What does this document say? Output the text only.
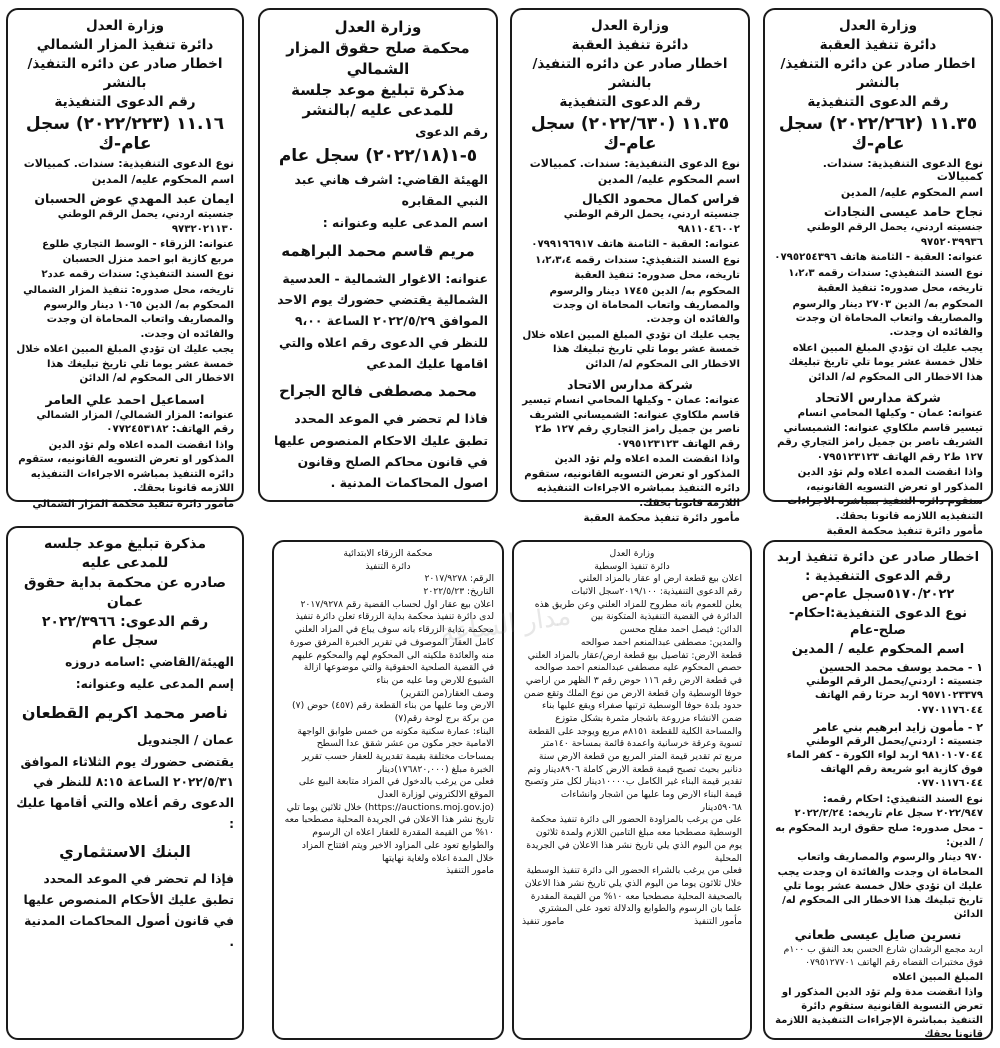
وزارة العدل
دائرة تنفيذ العقبة
اخطار صادر عن دائره التنفيذ/ بالنشر
رقم الدعوى التنفيذية
١١.٣٥ (٢٠٢٢/٢٦٢) سجل عام-ك
نوع الدعوى التنفيذية: سندات. كمبيالات
اسم المحكوم عليه/ المدين
نجاح حامد عيسى النجادات

جنسيته اردني، يحمل الرقم الوطني ٩٧٥٢٠٣٩٩٣٦

عنوانه: العقبة - الثامنة هاتف ٠٧٩٥٢٥٤٣٩٦

نوع السند التنفيذي: سندات رقمه ١،٢،٣

تاريخه، محل صدوره: تنفيذ العقبة

المحكوم به/ الدين ٢٧٠٣ دينار والرسوم والمصاريف واتعاب المحاماة ان وجدت والفائده ان وجدت.

يجب عليك ان تؤدي المبلغ المبين اعلاه خلال خمسة عشر يوما تلي تاريخ تبليغك هذا الاخطار الى المحكوم له/ الدائن

شركة مدارس الاتحاد

عنوانه: عمان - وكيلها المحامي انسام تيسير قاسم ملكاوي عنوانه: الشميساني الشريف ناصر بن جميل رامز التجاري رقم ١٢٧ ط٢ رقم الهاتف ٠٧٩٥١٢٣١٢٣

واذا انقضت المده اعلاه ولم تؤد الدين المذكور او تعرض التسويه القانونيه، ستقوم دائره التنفيذ بمباشره الاجراءات التنفيذيه اللازمه قانونا بحقك.

مأمور دائرة تنفيذ محكمة العقبة

وزارة العدل
دائرة تنفيذ العقبة
اخطار صادر عن دائره التنفيذ/ بالنشر
رقم الدعوى التنفيذية
١١.٣٥ (٢٠٢٢/٦٣٠) سجل عام-ك
نوع الدعوى التنفيذية: سندات. كمبيالات
اسم المحكوم عليه/ المدين
فراس كمال محمود الكيال

جنسيته اردني، يحمل الرقم الوطني ٩٨١١٠٤٦٠٠٢

عنوانه: العقبة - الثامنة هاتف ٠٧٩٩١٩٦٩١٧

نوع السند التنفيذي: سندات رقمه ١،٢،٣،٤

تاريخه، محل صدوره: تنفيذ العقبة

المحكوم به/ الدين ١٧٤٥ دينار والرسوم والمصاريف واتعاب المحاماة ان وجدت والفائده ان وجدت.

يجب عليك ان تؤدي المبلغ المبين اعلاه خلال خمسة عشر يوما تلي تاريخ تبليغك هذا الاخطار الى المحكوم له/ الدائن

شركة مدارس الاتحاد

عنوانه: عمان - وكيلها المحامي انسام تيسير قاسم ملكاوي عنوانه: الشميساني الشريف ناصر بن جميل رامز التجاري رقم ١٢٧ ط٢ رقم الهاتف ٠٧٩٥١٢٣١٢٣

واذا انقضت المده اعلاه ولم تؤد الدين المذكور او تعرض التسويه القانونيه، ستقوم دائره التنفيذ بمباشره الاجراءات التنفيذيه اللازمه قانونا بحقك.

مأمور دائرة تنفيذ محكمة العقبة

وزارة العدل
محكمة صلح حقوق المزار الشمالي
مذكرة تبليغ موعد جلسة للمدعى عليه /بالنشر

رقم الدعوى

٥-١(٢٠٢٢/١٨) سجل عام

الهيئة القاضي: اشرف هاني عبد النبي المقابره

اسم المدعى عليه وعنوانه :

مريم قاسم محمد البراهمه

عنوانه: الاغوار الشمالية - العدسية الشمالية يقتضي حضورك يوم الاحد الموافق ٢٠٢٢/٥/٢٩ الساعة ٩،٠٠ للنظر في الدعوى رقم اعلاه والتي اقامها عليك المدعي

محمد مصطفى فالح الجراح

فاذا لم تحضر في الموعد المحدد تطبق عليك الاحكام المنصوص عليها في قانون محاكم الصلح وقانون اصول المحاكمات المدنية .

وزارة العدل
دائرة تنفيذ المزار الشمالي
اخطار صادر عن دائره التنفيذ/ بالنشر
رقم الدعوى التنفيذية
١١.١٦ (٢٠٢٢/٢٢٣) سجل عام-ك
نوع الدعوى التنفيذية: سندات. كمبيالات
اسم المحكوم عليه/ المدين
ايمان عبد المهدي عوض الحسبان

جنسيته اردني، يحمل الرقم الوطني ٩٧٣٢٠٢١١٣٠

عنوانه: الزرقاء - الوسط التجاري طلوع مربع كازية ابو احمد منزل الحسبان

نوع السند التنفيذي: سندات رقمه عدد٢

تاريخه، محل صدوره: تنفيذ المزار الشمالي

المحكوم به/ الدين ١٠٦٥ دينار والرسوم والمصاريف واتعاب المحاماة ان وجدت والفائده ان وجدت.

يجب عليك ان تؤدي المبلغ المبين اعلاه خلال خمسة عشر يوما تلي تاريخ تبليغك هذا الاخطار الى المحكوم له/ الدائن

اسماعيل احمد علي العامر

عنوانه: المزار الشمالي/ المزار الشمالي رقم الهاتف: ٠٧٧٢٤٥٣١٨٢

واذا انقضت المده اعلاه ولم تؤد الدين المذكور او تعرض التسويه القانونيه، ستقوم دائره التنفيذ بمباشره الاجراءات التنفيذيه اللازمه قانونا بحقك.

مأمور دائرة تنفيذ محكمة المزار الشمالي

اخطار صادر عن دائرة تنفيذ اربد
رقم الدعوى التنفيذية :
٥١٧٠/٢٠٢٢سجل عام-ص
نوع الدعوى التنفيذية:احكام-صلح-عام
اسم المحكوم عليه / المدين
١ - محمد يوسف محمد الحسين

جنسيته : اردني/يحمل الرقم الوطني ٩٥٧١٠٢٣٣٧٩ اربد حرثا رقم الهاتف ٠٧٧٠١١٧٦٠٤٤

٢ - مأمون زايد ابرهيم بني عامر

جنسيته : اردني/يحمل الرقم الوطني ٩٨١٠١٠٧٠٤٤ اربد لواء الكورة - كفر الماء فوق كازية ابو شريعة رقم الهاتف ٠٧٧٠١١٧٦٠٤٤

نوع السند التنفيذي: احكام رقمه: ٢٠٢٢/٩٤٧ سجل عام تاريخه: ٢٠٢٢/٢/٢٤

- محل صدوره: صلح حقوق اربد المحكوم به / الدين:

٩٧٠ دينار والرسوم والمصاريف واتعاب المحاماة ان وجدت والفائدة ان وجدت يجب عليك ان تؤدي خلال خمسة عشر يوما تلي تاريخ تبليغك هذا الاخطار الى المحكوم له/الدائن

نسرين صايل عيسى طعاني

اربد مجمع الرشدان شارع الحسن بعد النفق ب ١٠٠م فوق مختبرات القضاه رقم الهاتف ٠٧٩٥١٢٧٧٠١

المبلغ المبين اعلاه

واذا انقضت مدة ولم تؤد الدين المذكور او تعرض التسوية القانونية ستقوم دائرة التنفيذ بمباشرة الإجراءات التنفيذية اللازمة قانونا بحقك

وزارة العدل

دائرة تنفيذ الوسطية

اعلان بيع قطعة ارض او عقار بالمزاد العلني

رقم الدعوى التنفيذية: ٢٠١٩/١٠٠سجل الاثبات

يعلن للعموم بانه مطروح للمزاد العلني وعن طريق هذه الدائرة في القضية التنفيذية المتكونة بين

الدائن: فيصل احمد مفلح محسن

والمدين: مصطفى عبدالمنعم احمد صوالحه

قطعة الارض: تفاصيل بيع قطعة ارض/عقار بالمزاد العلني حصص المحكوم عليه مصطفى عبدالمنعم احمد صوالحه في قطعة الارض رقم ١١٦ حوض رقم ٣ الظهر من اراضي حوفا الوسطية وان قطعة الارض من نوع الملك وتقع ضمن حدود بلدة حوفا الوسطية ترتبها صفراء ويقع عليها بناء ضمن الانشاء مزروعة باشجار مثمرة بشكل متوزع

والمساحة الكلية للقطعة ٨١٥١م مربع ويوجد على القطعة تسوية وعرقة خرسانية واعمدة قائمة بمساحة ١٤٠متر مربع تم تقدير قيمة المتر المربع من قطعة الارض سنة دنانير بحيث تصبح قيمة قطعة الارض كاملة ٨٩٠٦دينار وتم تقدير قيمة البناء غير الكامل ب١٠٠٠٠دينار لكل متر وتصبح قيمة البناء الارض وما عليها من اشجار وانشاءات ٥٩٠٦٨دينار

على من يرغب بالمزاودة الحضور الى دائرة تنفيذ محكمة الوسطية مصطحبا معه مبلغ التامين اللازم ولمدة ثلاثون يوم من اليوم الذي يلي تاريخ نشر هذا الاعلان في الجريدة المحلية

فعلى من يرغب بالشراء الحضور الى دائرة تنفيذ الوسطية خلال ثلاثون يوما من اليوم الذي يلي تاريخ نشر هذا الاعلان بالصحيفة المحلية مصطحبا معه ١٠% من القيمة المقدرة علما بان الرسوم والطوابع والدلالة تعود على المشتري

مأمور التنفيذ
مامور تنفيذ

محكمة الزرقاء الابتدائية

دائرة التنفيذ

الرقم: ٢٠١٧/٩٢٧٨

التاريخ: ٢٠٢٢/٥/٢٣

اعلان بيع عقار اول لحساب القضية رقم ٢٠١٧/٩٢٧٨

لدى دائرة تنفيذ محكمة بداية الزرقاء تعلن دائرة تنفيذ محكمة بداية الزرقاء بانه سوف يباع في المزاد العلني كامل العقار الموصوف في تقرير الخبرة المرفق صورة منه والعائدة ملكيته الى المحكوم لهم والمحكوم عليهم في القضية الصلحية الحقوقية والتي موضوعها ازالة الشيوع للارض وما عليه من بناء

وصف العقار(من التقرير)

الارض وما عليها من بناء القطعة رقم (٤٥٧) حوض (٧) من بركة برج لوحة رقم(٧)

البناء: عمارة سكنية مكونه من خمس طوابق الواجهة الامامية حجر مكون من عشر شقق عدا السطح بمساحات مختلفة بقيمة تقديرية للعقار حسب تقرير الخبرة مبلغ (١٧٦٨٢٠,٠٠٠)دينار

فعلى من يرغب بالدخول في المزاد متابعة البيع على الموقع الالكتروني لوزارة العدل (https://auctions.moj.gov.jo) خلال ثلاثين يوما تلي تاريخ نشر هذا الاعلان في الجريدة المحلية مصطحبا معه ١٠% من القيمة المقدرة للعقار اعلاه ان الرسوم والطوابع تعود على المزاود الاخير ويتم افتتاح المزاد خلال المدة اعلاه ولغاية نهايتها

مامور التنفيذ

مذكرة تبليغ موعد جلسه للمدعى عليه
صادره عن محكمة بداية حقوق عمان
رقم الدعوى: ٢٠٢٢/٣٩٦٦
سجل عام

الهيئة/القاضي :اسامه دروزه

إسم المدعى عليه وعنوانه:

ناصر محمد اكريم القطعان

عمان / الجندويل

يقتضى حضورك يوم الثلاثاء الموافق ٢٠٢٢/٥/٣١ الساعة ٨:١٥ للنظر في الدعوى رقم أعلاه والتي أقامها عليك :

البنك الاستثماري

فإذا لم تحضر في الموعد المحدد تطبق عليك الأحكام المنصوص عليها في قانون أصول المحاكمات المدنية .

مدار الساعة
